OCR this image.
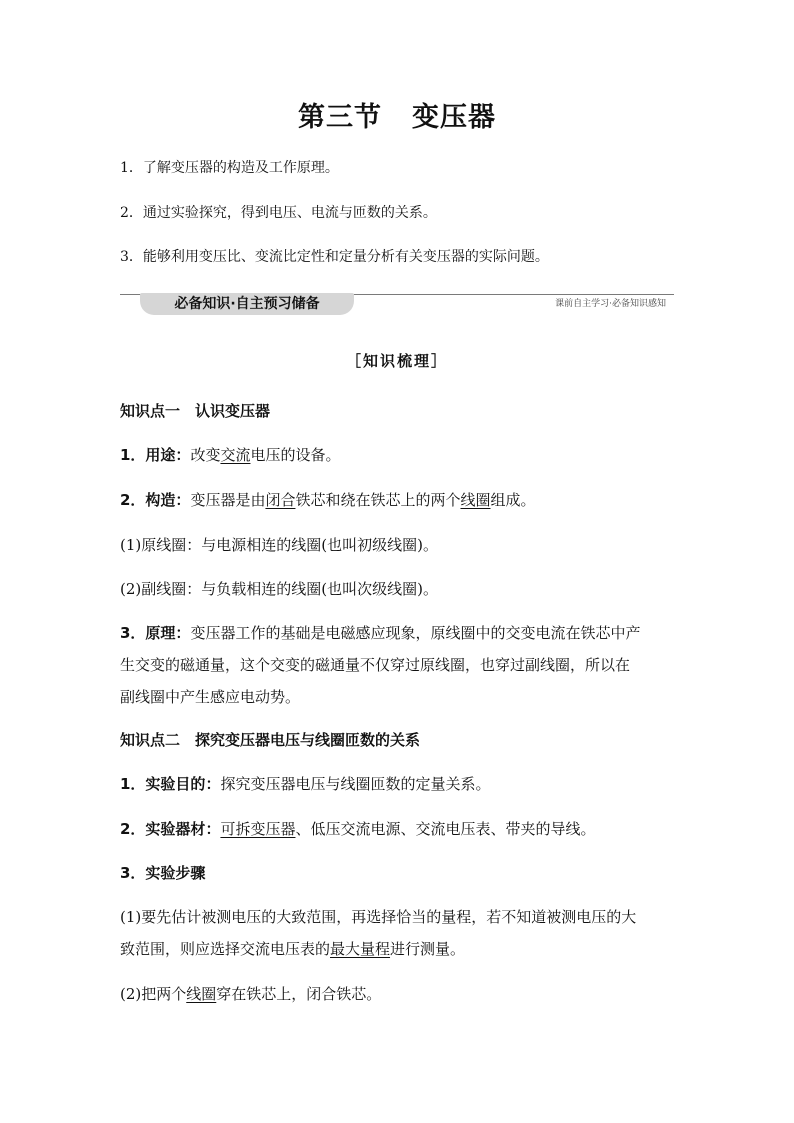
第三节 变压器
1．了解变压器的构造及工作原理。
2．通过实验探究，得到电压、电流与匝数的关系。
3．能够利用变压比、变流比定性和定量分析有关变压器的实际问题。
必备知识·自主预习储备	课前自主学习·必备知识感知
［知识梳理］
知识点一　认识变压器
1．用途：改变交流电压的设备。
2．构造：变压器是由闭合铁芯和绕在铁芯上的两个线圈组成。
(1)原线圈：与电源相连的线圈(也叫初级线圈)。
(2)副线圈：与负载相连的线圈(也叫次级线圈)。
3．原理：变压器工作的基础是电磁感应现象，原线圈中的交变电流在铁芯中产
生交变的磁通量，这个交变的磁通量不仅穿过原线圈，也穿过副线圈，所以在
副线圈中产生感应电动势。
知识点二　探究变压器电压与线圈匝数的关系
1．实验目的：探究变压器电压与线圈匝数的定量关系。
2．实验器材：可拆变压器、低压交流电源、交流电压表、带夹的导线。
3．实验步骤
(1)要先估计被测电压的大致范围，再选择恰当的量程，若不知道被测电压的大
致范围，则应选择交流电压表的最大量程进行测量。
(2)把两个线圈穿在铁芯上，闭合铁芯。
